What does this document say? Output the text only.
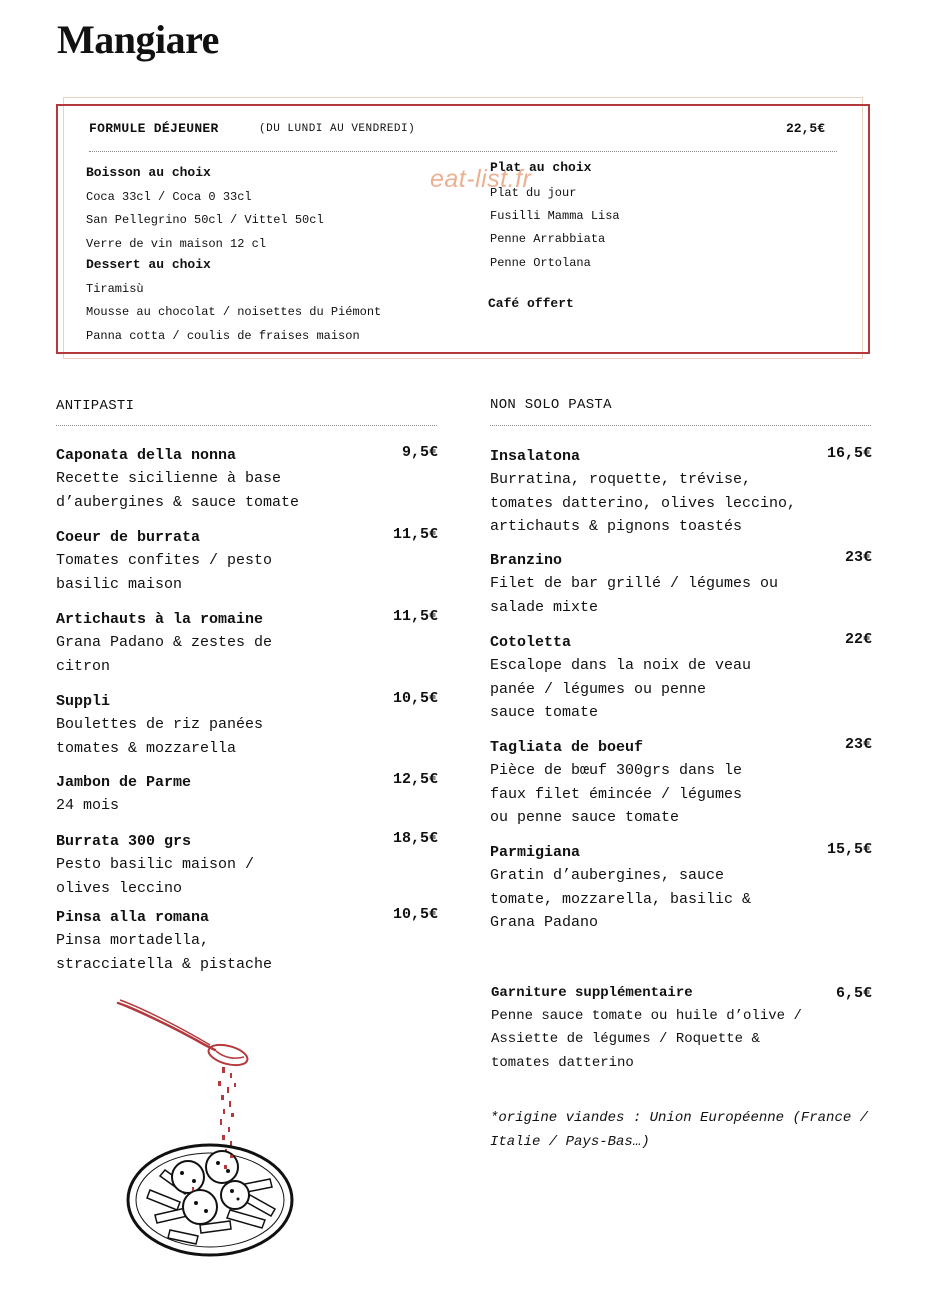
Mangiare
FORMULE DÉJEUNER	(DU LUNDI AU VENDREDI)	22,5€
Boisson au choix
Coca 33cl / Coca 0 33cl
San Pellegrino 50cl / Vittel 50cl
Verre de vin maison 12 cl
Dessert au choix
Tiramisù
Mousse au chocolat / noisettes du Piémont
Panna cotta / coulis de fraises maison
Plat au choix
Plat du jour
Fusilli Mamma Lisa
Penne Arrabbiata
Penne Ortolana
Café offert
eat-list.fr
ANTIPASTI
Caponata della nonna
Recette sicilienne à base
d’aubergines & sauce tomate
9,5€
Coeur de burrata
Tomates confites / pesto
basilic maison
11,5€
Artichauts à la romaine
Grana Padano & zestes de
citron
11,5€
Suppli
Boulettes de riz panées
tomates & mozzarella
10,5€
Jambon de Parme
24 mois
12,5€
Burrata 300 grs
Pesto basilic maison /
olives leccino
18,5€
Pinsa alla romana
Pinsa mortadella,
stracciatella & pistache
10,5€
NON SOLO PASTA
Insalatona
Burratina, roquette, trévise,
tomates datterino, olives leccino,
artichauts & pignons toastés
16,5€
Branzino
Filet de bar grillé / légumes ou
salade mixte
23€
Cotoletta
Escalope dans la noix de veau
panée / légumes ou penne
sauce tomate
22€
Tagliata de boeuf
Pièce de bœuf 300grs dans le
faux filet émincée / légumes
ou penne sauce tomate
23€
Parmigiana
Gratin d’aubergines, sauce
tomate, mozzarella, basilic &
Grana Padano
15,5€
Garniture supplémentaire	6,5€
Penne sauce tomate ou huile d’olive /
Assiette de légumes / Roquette &
tomates datterino
*origine viandes : Union Européenne (France / Italie / Pays-Bas…)
